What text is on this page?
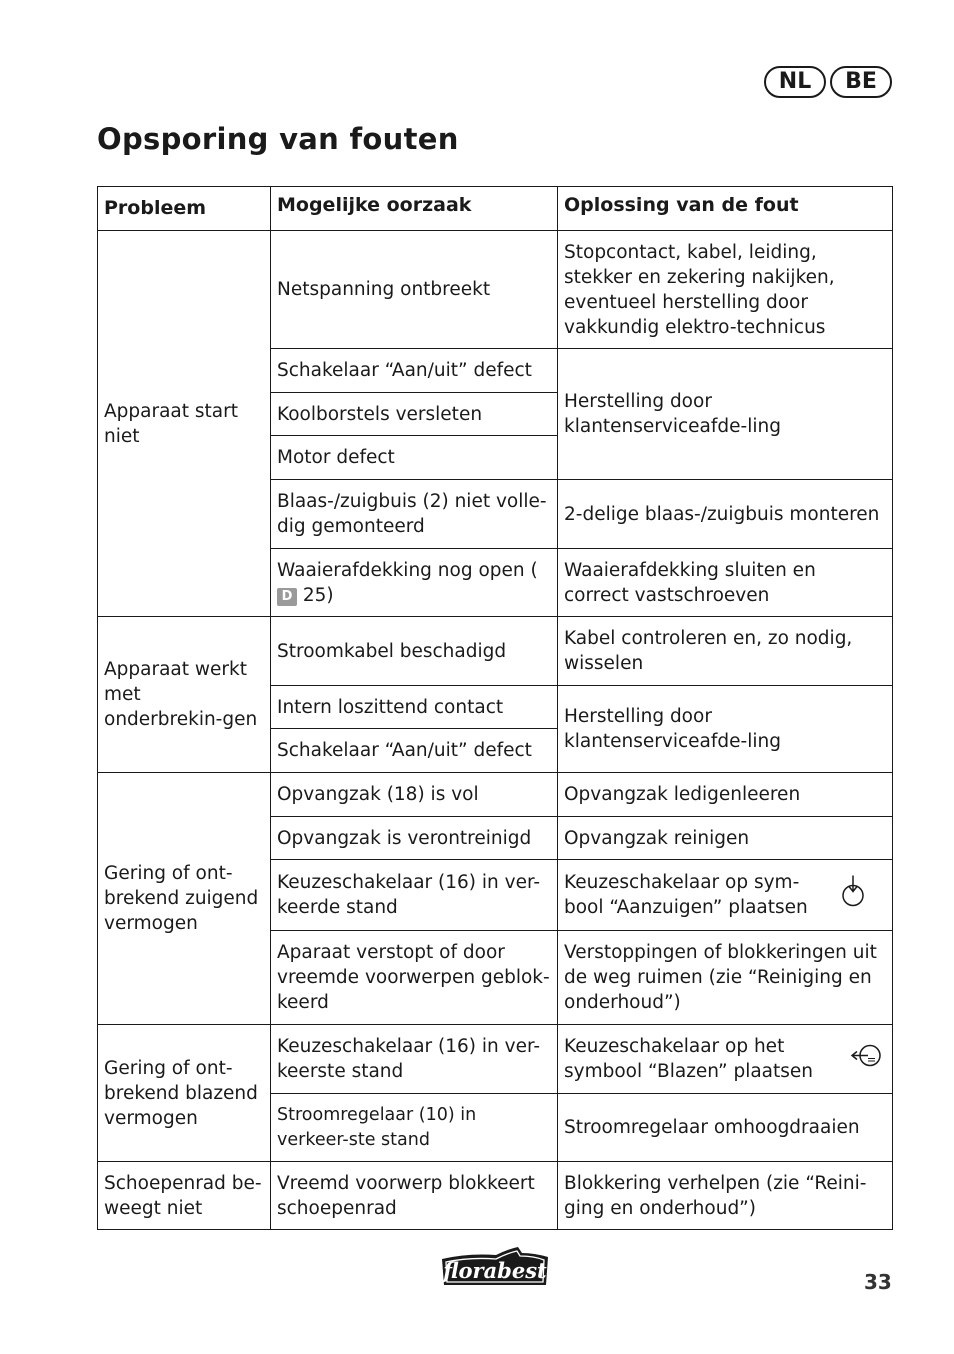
NL	BE
Opsporing van fouten
Probleem	Mogelijke oorzaak	Oplossing van de fout
Apparaat start niet	Netspanning ontbreekt	Stopcontact, kabel, leiding, stekker en zekering nakijken, eventueel herstelling door vakkundig elektro-technicus
	Schakelaar “Aan/uit” defect	Herstelling door klantenserviceafde-ling
	Koolborstels versleten	
	Motor defect	
	Blaas-/zuigbuis (2) niet volle-dig gemonteerd	2-delige blaas-/zuigbuis monteren
	Waaierafdekking nog open (D 25)	Waaierafdekking sluiten en correct vastschroeven
Apparaat werkt met onderbrekin-gen	Stroomkabel beschadigd	Kabel controleren en, zo nodig, wisselen
	Intern loszittend contact	Herstelling door klantenserviceafde-ling
	Schakelaar “Aan/uit” defect	
Gering of ont-brekend zuigend vermogen	Opvangzak (18) is vol	Opvangzak ledigenleeren
	Opvangzak is verontreinigd	Opvangzak reinigen
	Keuzeschakelaar (16) in ver-keerde stand	Keuzeschakelaar op sym-bool “Aanzuigen” plaatsen

	Aparaat verstopt of door vreemde voorwerpen geblok-keerd	Verstoppingen of blokkeringen uit de weg ruimen (zie “Reiniging en onderhoud”)
Gering of ont-brekend blazend vermogen	Keuzeschakelaar (16) in ver-keerste stand	Keuzeschakelaar op het symbool “Blazen” plaatsen

	Stroomregelaar (10) in verkeer-ste stand	Stroomregelaar omhoogdraaien
Schoepenrad be-weegt niet	Vreemd voorwerp blokkeert schoepenrad	Blokkering verhelpen (zie “Reini-ging en onderhoud”)
florabest	33
